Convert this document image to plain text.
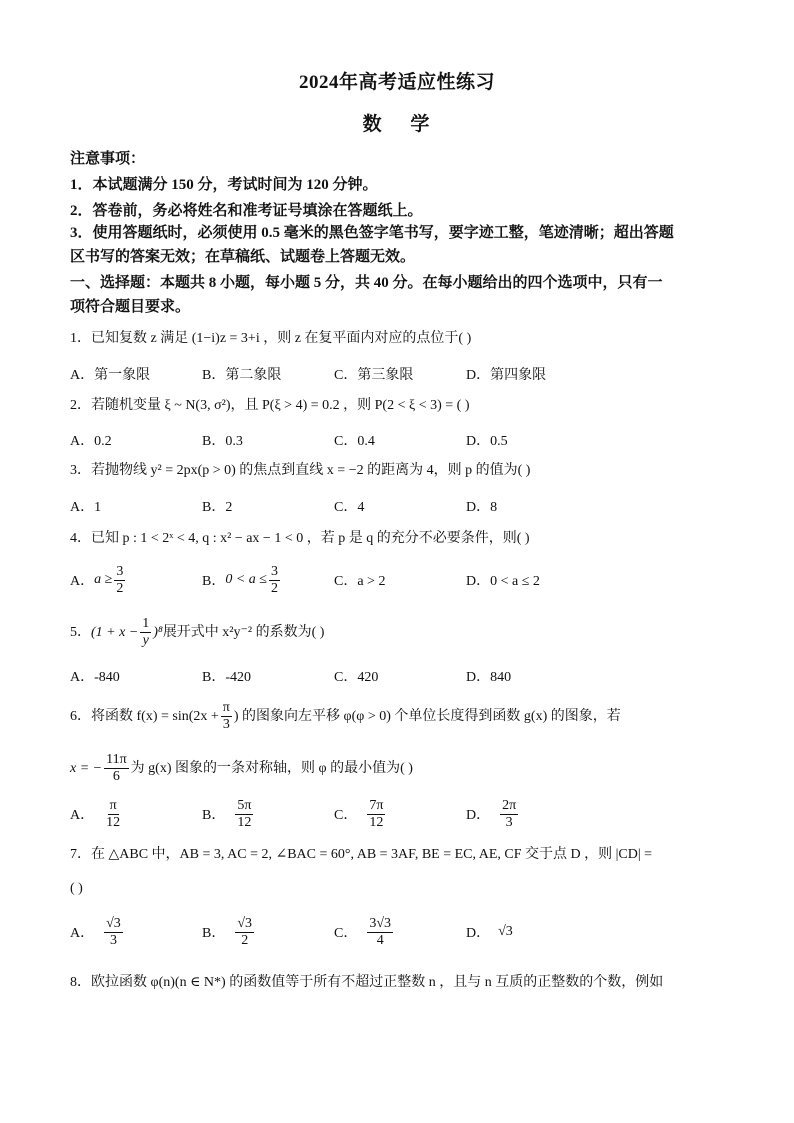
2024年高考适应性练习
数 学
注意事项：
1．本试题满分 150 分，考试时间为 120 分钟。
2．答卷前，务必将姓名和准考证号填涂在答题纸上。
3．使用答题纸时，必须使用 0.5 毫米的黑色签字笔书写，要字迹工整，笔迹清晰；超出答题
区书写的答案无效；在草稿纸、试题卷上答题无效。
一、选择题：本题共 8 小题，每小题 5 分，共 40 分。在每小题给出的四个选项中，只有一
项符合题目要求。
1．已知复数 z 满足 (1−i)z = 3+i ，则 z 在复平面内对应的点位于( )
A．第一象限	B．第二象限	C．第三象限	D．第四象限
2．若随机变量 ξ ~ N(3, σ²)，且 P(ξ > 4) = 0.2 ，则 P(2 < ξ < 3) = ( )
A．0.2	B．0.3	C．0.4	D．0.5
3．若抛物线 y² = 2px(p > 0) 的焦点到直线 x = −2 的距离为 4，则 p 的值为( )
A．1	B．2	C．4	D．8
4．已知 p : 1 < 2ˣ < 4, q : x² − ax − 1 < 0 ，若 p 是 q 的充分不必要条件，则( )
A． $a \ge \frac{3}{2}$	B． $0 < a \le \frac{3}{2}$	C．a > 2	D．0 < a ≤ 2
5． $(1 + x - \frac{1}{y} )^8$ 展开式中 x²y⁻² 的系数为( )
A．-840	B．-420	C．420	D．840
6．将函数 $f(x) = \sin(2x + \frac{\pi}{3}$ ) 的图象向左平移 φ(φ > 0) 个单位长度得到函数 g(x) 的图象，若
x = − $\frac{11\pi}{6}$ 为 g(x) 图象的一条对称轴，则 φ 的最小值为( )
A． $\frac{\pi}{12}$	B． $\frac{5\pi}{12}$	C． $\frac{7\pi}{12}$	D． $\frac{2\pi}{3}$
7．在 △ABC 中，AB = 3, AC = 2, ∠BAC = 60°, AB = 3AF, BE = EC, AE, CF 交于点 D ，则 |CD| =
( )
A． $\frac{√3}{3}$	B． $\frac{√3}{2}$	C． $\frac{3√3}{4}$	D． √3
8．欧拉函数 φ(n)(n ∈ N*) 的函数值等于所有不超过正整数 n ，且与 n 互质的正整数的个数，例如
